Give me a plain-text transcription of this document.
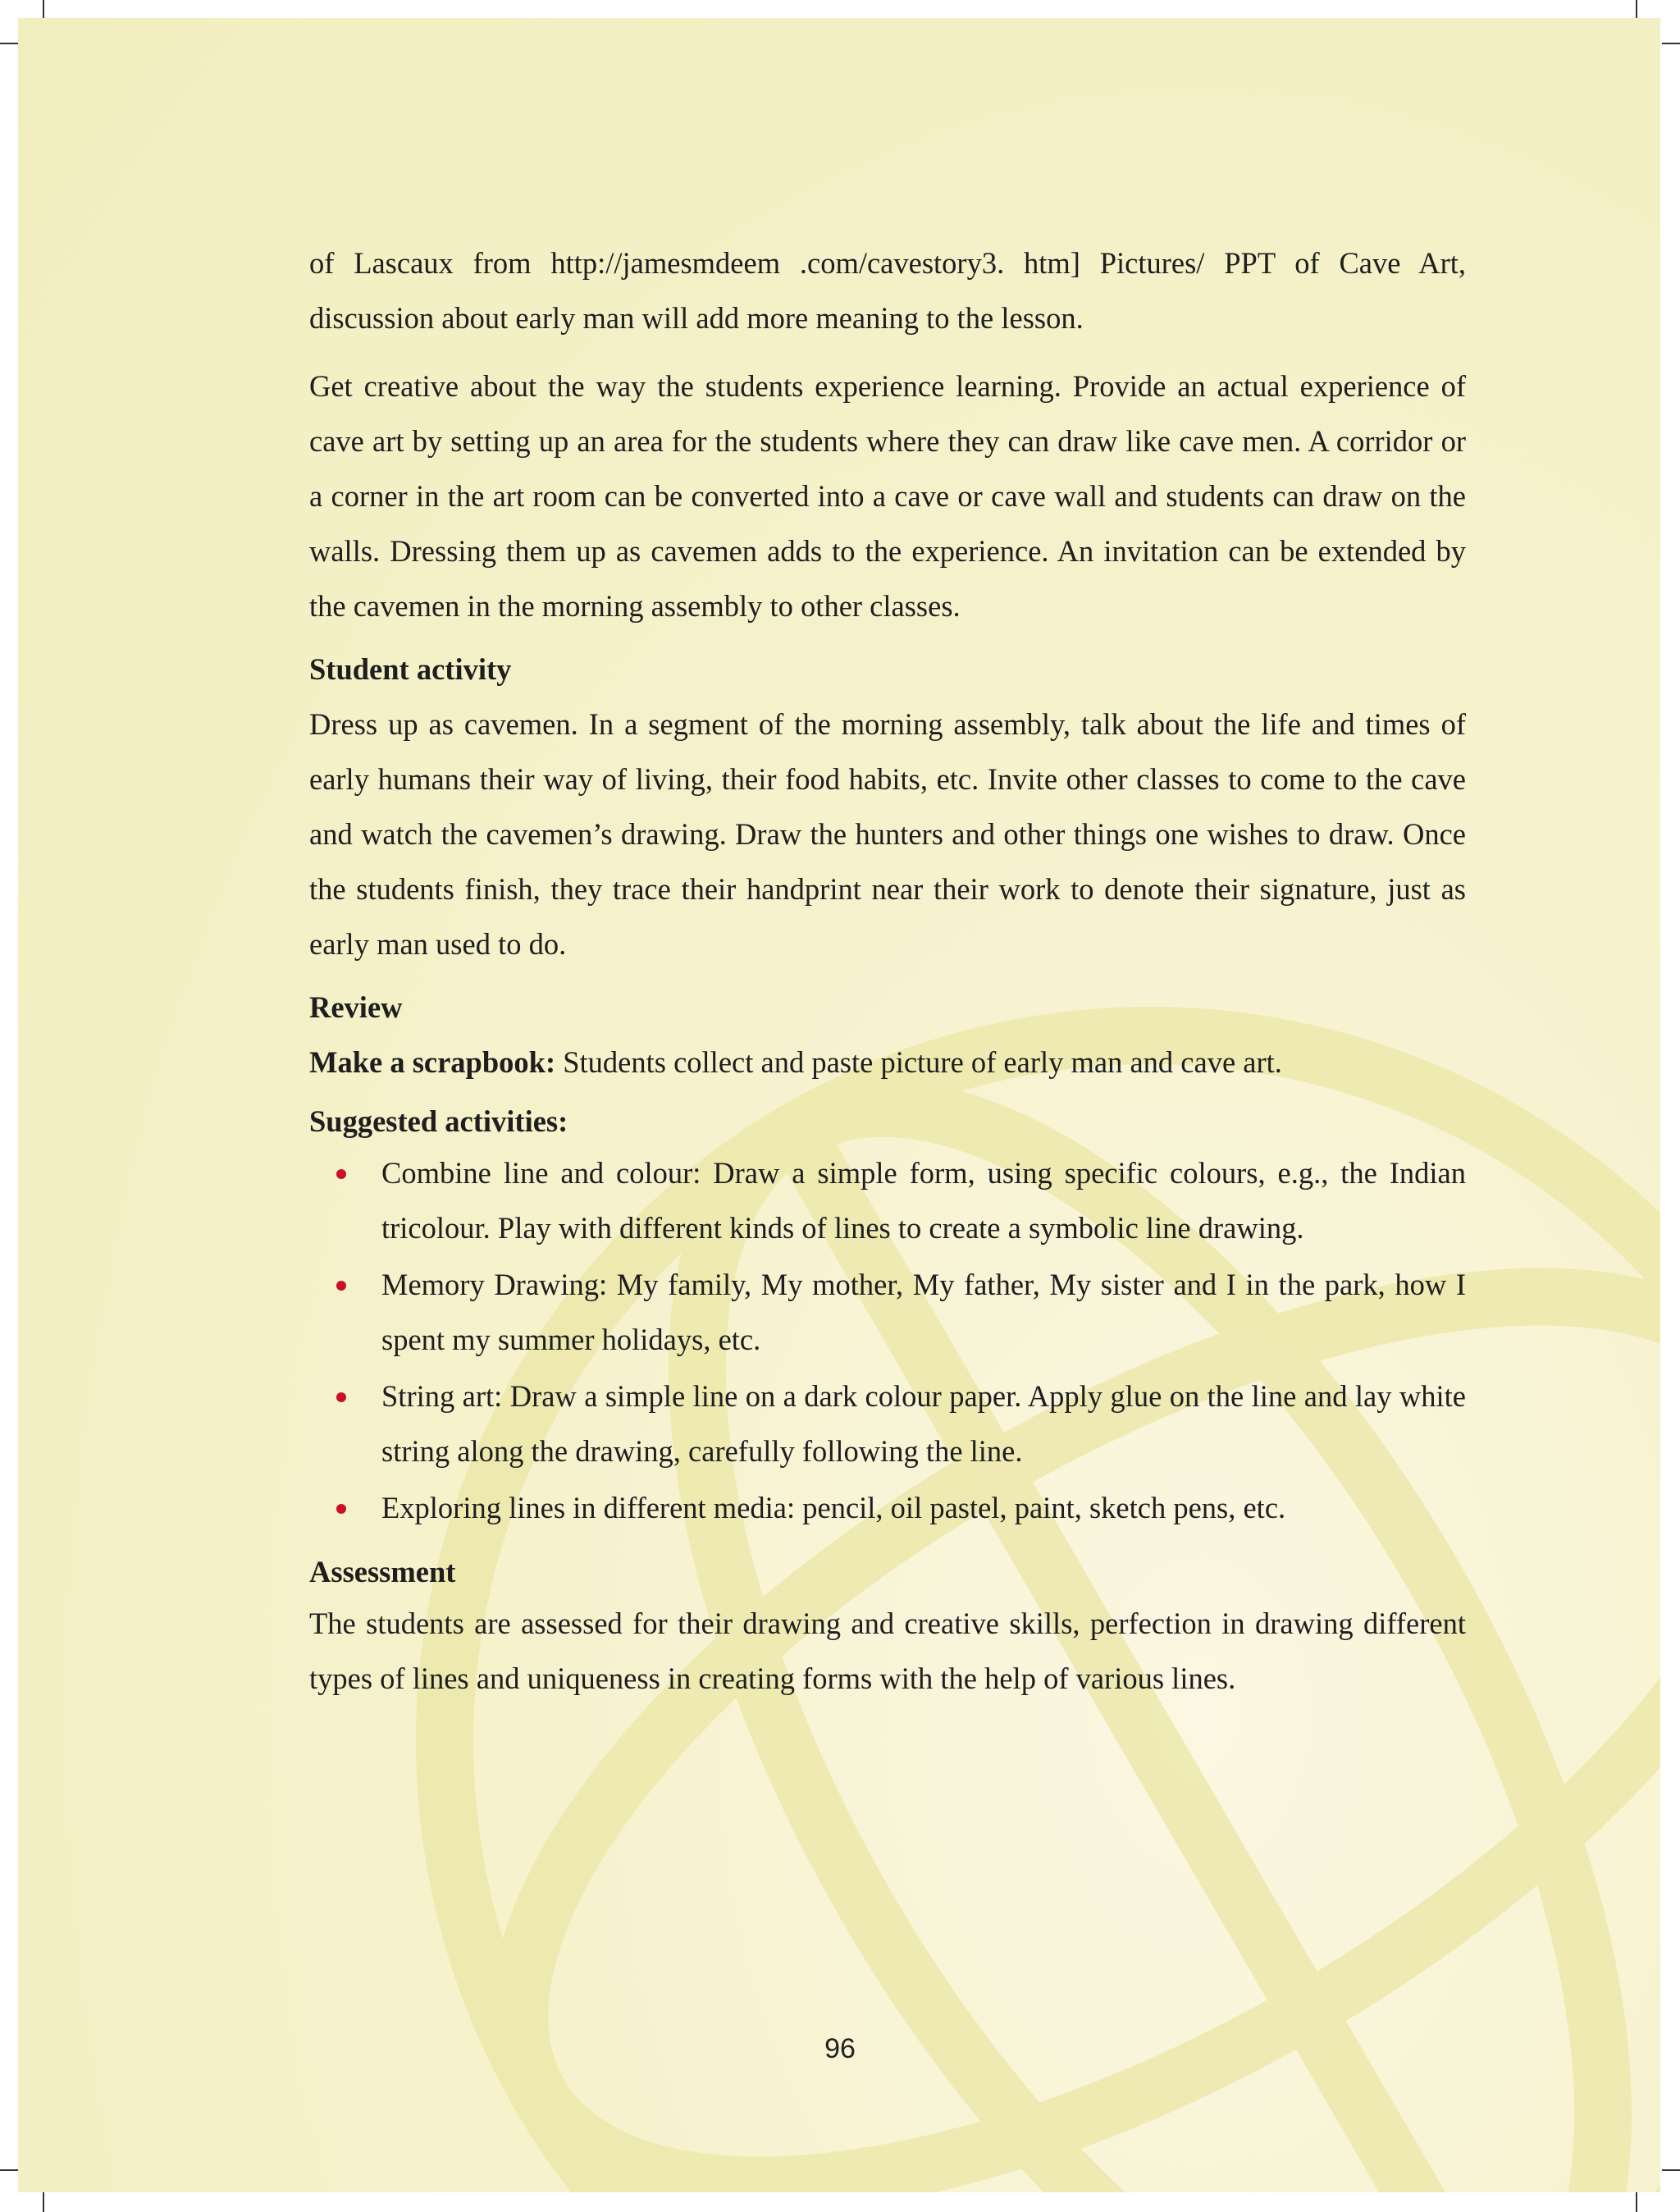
of Lascaux from http://jamesmdeem .com/cavestory3. htm] Pictures/ PPT of Cave Art, discussion about early man will add more meaning to the lesson.

Get creative about the way the students experience learning. Provide an actual experience of cave art by setting up an area for the students where they can draw like cave men. A corridor or a corner in the art room can be converted into a cave or cave wall and students can draw on the walls. Dressing them up as cavemen adds to the experience. An invitation can be extended by the cavemen in the morning assembly to other classes.

Student activity

Dress up as cavemen. In a segment of the morning assembly, talk about the life and times of early humans their way of living, their food habits, etc. Invite other classes to come to the cave and watch the cavemen’s drawing. Draw the hunters and other things one wishes to draw. Once the students finish, they trace their handprint near their work to denote their signature, just as early man used to do.

Review

Make a scrapbook: Students collect and paste picture of early man and cave art.

Suggested activities:
Combine line and colour: Draw a simple form, using specific colours, e.g., the Indian tricolour. Play with different kinds of lines to create a symbolic line drawing.
Memory Drawing: My family, My mother, My father, My sister and I in the park, how I spent my summer holidays, etc.
String art: Draw a simple line on a dark colour paper. Apply glue on the line and lay white string along the drawing, carefully following the line.
Exploring lines in different media: pencil, oil pastel, paint, sketch pens, etc.
Assessment

The students are assessed for their drawing and creative skills, perfection in drawing different types of lines and uniqueness in creating forms with the help of various lines.

96
